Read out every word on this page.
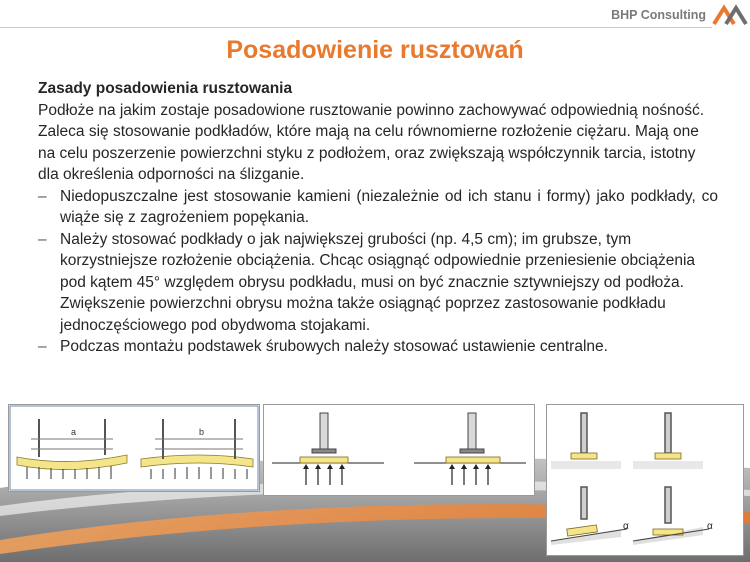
BHP Consulting
Posadowienie rusztowań

Zasady posadowienia rusztowania

Podłoże na jakim zostaje posadowione rusztowanie powinno zachowywać odpowiednią nośność.

Zaleca się stosowanie podkładów, które mają na celu równomierne rozłożenie ciężaru. Mają one na celu poszerzenie powierzchni styku z podłożem, oraz zwiększają współczynnik tarcia, istotny dla określenia odporności na ślizganie.

– Niedopuszczalne jest stosowanie kamieni (niezależnie od ich stanu i formy) jako podkłady, co wiąże się z zagrożeniem popękania.
– Należy stosować podkłady o jak największej grubości (np. 4,5 cm); im grubsze, tym korzystniejsze rozłożenie obciążenia. Chcąc osiągnąć odpowiednie przeniesienie obciążenia pod kątem 45° względem obrysu podkładu, musi on być znacznie sztywniejszy od podłoża. Zwiększenie powierzchni obrysu można także osiągnąć poprzez zastosowanie podkładu jednoczęściowego pod obydwoma stojakami.
– Podczas montażu podstawek śrubowych należy stosować ustawienie centralne.
a	b
α	α
